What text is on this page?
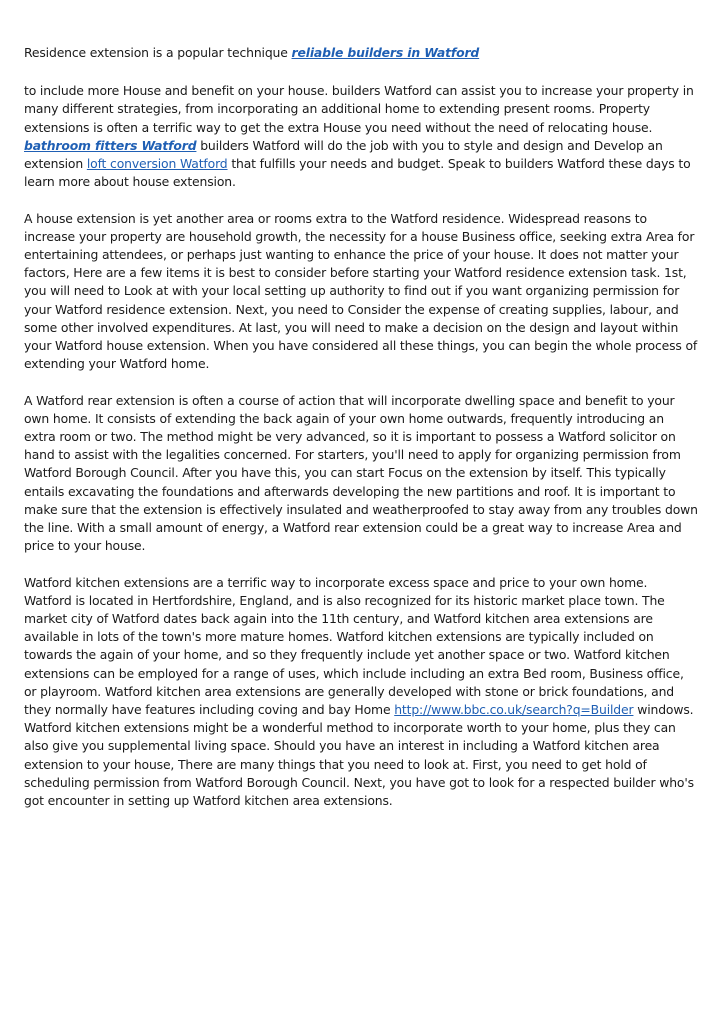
Residence extension is a popular technique reliable builders in Watford

to include more House and benefit on your house. builders Watford can assist you to increase your property in many different strategies, from incorporating an additional home to extending present rooms. Property extensions is often a terrific way to get the extra House you need without the need of relocating house. bathroom fitters Watford builders Watford will do the job with you to style and design and Develop an extension loft conversion Watford that fulfills your needs and budget. Speak to builders Watford these days to learn more about house extension.

A house extension is yet another area or rooms extra to the Watford residence. Widespread reasons to increase your property are household growth, the necessity for a house Business office, seeking extra Area for entertaining attendees, or perhaps just wanting to enhance the price of your house. It does not matter your factors, Here are a few items it is best to consider before starting your Watford residence extension task. 1st, you will need to Look at with your local setting up authority to find out if you want organizing permission for your Watford residence extension. Next, you need to Consider the expense of creating supplies, labour, and some other involved expenditures. At last, you will need to make a decision on the design and layout within your Watford house extension. When you have considered all these things, you can begin the whole process of extending your Watford home.

A Watford rear extension is often a course of action that will incorporate dwelling space and benefit to your own home. It consists of extending the back again of your own home outwards, frequently introducing an extra room or two. The method might be very advanced, so it is important to possess a Watford solicitor on hand to assist with the legalities concerned. For starters, you'll need to apply for organizing permission from Watford Borough Council. After you have this, you can start Focus on the extension by itself. This typically entails excavating the foundations and afterwards developing the new partitions and roof. It is important to make sure that the extension is effectively insulated and weatherproofed to stay away from any troubles down the line. With a small amount of energy, a Watford rear extension could be a great way to increase Area and price to your house.

Watford kitchen extensions are a terrific way to incorporate excess space and price to your own home. Watford is located in Hertfordshire, England, and is also recognized for its historic market place town. The market city of Watford dates back again into the 11th century, and Watford kitchen area extensions are available in lots of the town's more mature homes. Watford kitchen extensions are typically included on towards the again of your home, and so they frequently include yet another space or two. Watford kitchen extensions can be employed for a range of uses, which include including an extra Bed room, Business office, or playroom. Watford kitchen area extensions are generally developed with stone or brick foundations, and they normally have features including coving and bay Home http://www.bbc.co.uk/search?q=Builder windows. Watford kitchen extensions might be a wonderful method to incorporate worth to your home, plus they can also give you supplemental living space. Should you have an interest in including a Watford kitchen area extension to your house, There are many things that you need to look at. First, you need to get hold of scheduling permission from Watford Borough Council. Next, you have got to look for a respected builder who's got encounter in setting up Watford kitchen area extensions.
